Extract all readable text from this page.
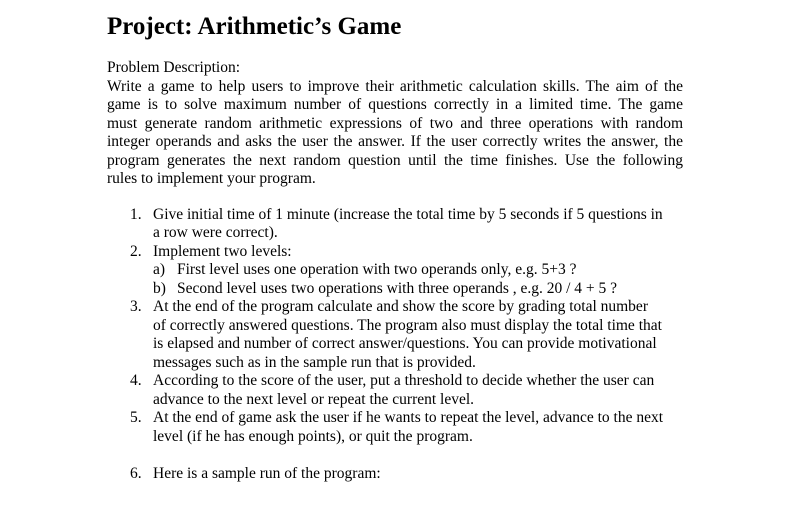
Project: Arithmetic’s Game
Problem Description:
Write a game to help users to improve their arithmetic calculation skills. The aim of the
game is to solve maximum number of questions correctly in a limited time. The game
must generate random arithmetic expressions of two and three operations with random
integer operands and asks the user the answer. If the user correctly writes the answer, the
program generates the next random question until the time finishes. Use the following
rules to implement your program.
1. Give initial time of 1 minute (increase the total time by 5 seconds if 5 questions in
a row were correct).
2. Implement two levels:
a) First level uses one operation with two operands only, e.g. 5+3 ?
b) Second level uses two operations with three operands , e.g. 20 / 4 + 5 ?
3. At the end of the program calculate and show the score by grading total number
of correctly answered questions. The program also must display the total time that
is elapsed and number of correct answer/questions. You can provide motivational
messages such as in the sample run that is provided.
4. According to the score of the user, put a threshold to decide whether the user can
advance to the next level or repeat the current level.
5. At the end of game ask the user if he wants to repeat the level, advance to the next
level (if he has enough points), or quit the program.
6. Here is a sample run of the program:
